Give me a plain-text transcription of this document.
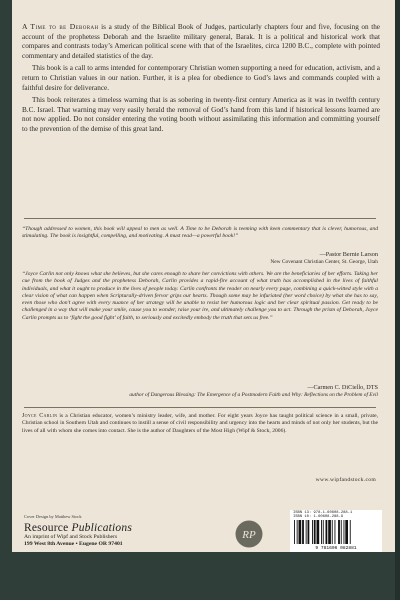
A Time to be Deborah is a study of the Biblical Book of Judges, particularly chapters four and five, focusing on the account of the prophetess Deborah and the Israelite military general, Barak. It is a political and historical work that compares and contrasts today’s American political scene with that of the Israelites, circa 1200 B.C., complete with pointed commentary and detailed statistics of the day.

This book is a call to arms intended for contemporary Christian women supporting a need for education, activism, and a return to Christian values in our nation. Further, it is a plea for obedience to God’s laws and commands coupled with a faithful desire for deliverance.

This book reiterates a timeless warning that is as sobering in twenty-first century America as it was in twelfth century B.C. Israel. That warning may very easily herald the removal of God’s hand from this land if historical lessons learned are not now applied. Do not consider entering the voting booth without assimilating this information and committing yourself to the prevention of the demise of this great land.

“Though addressed to women, this book will appeal to men as well. A Time to be Deborah is teeming with keen commentary that is clever, humorous, and stimulating. The book is insightful, compelling, and motivating. A must read—a powerful book!”

—Pastor Bernie Larson
New Covenant Christian Center, St. George, Utah

“Joyce Carlin not only knows what she believes, but she cares enough to share her convictions with others. We are the beneficiaries of her efforts. Taking her cue from the book of Judges and the prophetess Deborah, Carlin provides a rapid-fire account of what truth has accomplished in the lives of faithful individuals, and what it ought to produce in the lives of people today. Carlin confronts the reader on nearly every page, combining a quick-witted style with a clear vision of what can happen when Scripturally-driven fervor grips our hearts. Though some may be infuriated (her word choice) by what she has to say, even those who don’t agree with every nuance of her strategy will be unable to resist her humorous logic and her clear spiritual passion. Get ready to be challenged in a way that will make your smile, cause you to wonder, raise your ire, and ultimately challenge you to act. Through the prism of Deborah, Joyce Carlin prompts us to ‘fight the good fight’ of faith, to seriously and excitedly embody the truth that sets us free.”

—Carmen C. DiCiello, DTS
author of Dangerous Blessing: The Emergence of a Postmodern Faith and Why: Reflections on the Problem of Evil

Joyce Carlin is a Christian educator, women’s ministry leader, wife, and mother. For eight years Joyce has taught political science in a small, private, Christian school in Southern Utah and continues to instill a sense of civil responsibility and urgency into the hearts and minds of not only her students, but the lives of all with whom she comes into contact. She is the author of Daughters of the Most High (Wipf & Stock, 2006).

www.wipfandstock.com
Cover Design by Matthew Stock
Resource Publications
An imprint of Wipf and Stock Publishers
199 West 8th Avenue • Eugene OR 97401
RP
ISBN 13: 978-1-60608-288-1
ISBN 10: 1-60608-288-9
9 781606 082881
